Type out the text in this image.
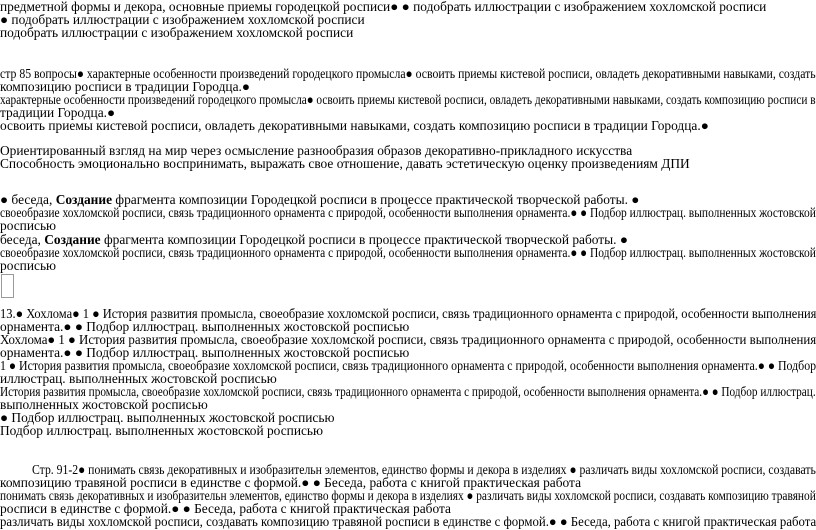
предметной формы и декора, основные приемы городецкой росписи● ● подобрать иллюстрации с изображением хохломской росписи
● подобрать иллюстрации с изображением хохломской росписи
подобрать иллюстрации с изображением хохломской росписи
стр 85 вопросы● характерные особенности произведений городецкого промысла● освоить приемы кистевой росписи, овладеть декоративными навыками, создать
композицию росписи в традиции Городца.●
характерные особенности произведений городецкого промысла● освоить приемы кистевой росписи, овладеть декоративными навыками, создать композицию росписи в
традиции Городца.●
освоить приемы кистевой росписи, овладеть декоративными навыками, создать композицию росписи в традиции Городца.●
Ориентированный взгляд на мир через осмысление разнообразия образов декоративно-прикладного искусства
Способность эмоционально воспринимать, выражать свое отношение, давать эстетическую оценку произведениям ДПИ
● беседа, Создание фрагмента композиции Городецкой росписи в процессе практической творческой работы. ●
своеобразие хохломской росписи, связь традиционного орнамента с природой, особенности выполнения орнамента.● ● Подбор иллюстрац. выполненных жостовской
росписью
беседа, Создание фрагмента композиции Городецкой росписи в процессе практической творческой работы. ●
своеобразие хохломской росписи, связь традиционного орнамента с природой, особенности выполнения орнамента.● ● Подбор иллюстрац. выполненных жостовской
росписью
13.● Хохлома● 1 ● История развития промысла, своеобразие хохломской росписи, связь традиционного орнамента с природой, особенности выполнения
орнамента.● ● Подбор иллюстрац. выполненных жостовской росписью
Хохлома● 1 ● История развития промысла, своеобразие хохломской росписи, связь традиционного орнамента с природой, особенности выполнения
орнамента.● ● Подбор иллюстрац. выполненных жостовской росписью
1 ● История развития промысла, своеобразие хохломской росписи, связь традиционного орнамента с природой, особенности выполнения орнамента.● ● Подбор
иллюстрац. выполненных жостовской росписью
История развития промысла, своеобразие хохломской росписи, связь традиционного орнамента с природой, особенности выполнения орнамента.● ● Подбор иллюстрац.
выполненных жостовской росписью
● Подбор иллюстрац. выполненных жостовской росписью
Подбор иллюстрац. выполненных жостовской росписью
Стр. 91-2● понимать связь декоративных и изобразительн элементов, единство формы и декора в изделиях ● различать виды хохломской росписи, создавать
композицию травяной росписи в единстве с формой.● ● Беседа, работа с книгой практическая работа
понимать связь декоративных и изобразительн элементов, единство формы и декора в изделиях ● различать виды хохломской росписи, создавать композицию травяной
росписи в единстве с формой.● ● Беседа, работа с книгой практическая работа
различать виды хохломской росписи, создавать композицию травяной росписи в единстве с формой.● ● Беседа, работа с книгой практическая работа
